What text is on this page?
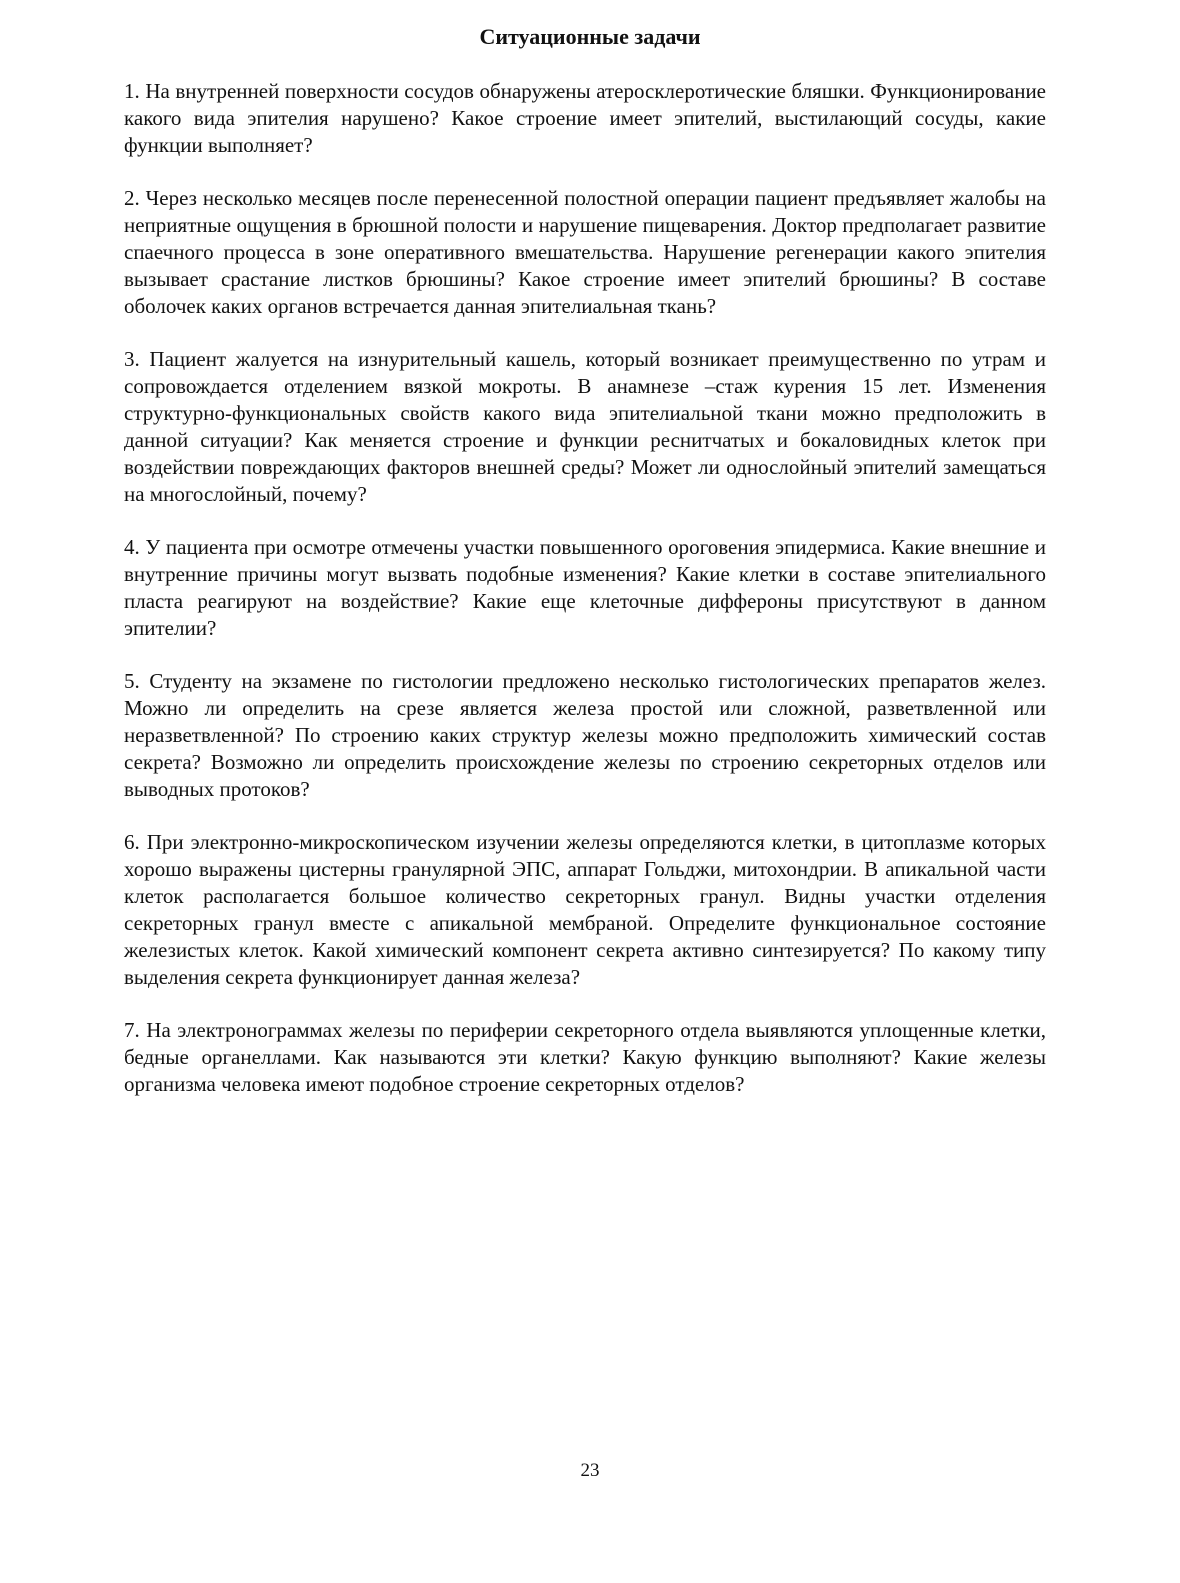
Ситуационные задачи

1. На внутренней поверхности сосудов обнаружены атеросклеротические бляшки. Функционирование какого вида эпителия нарушено? Какое строение имеет эпителий, выстилающий сосуды, какие функции выполняет?

2. Через несколько месяцев после перенесенной полостной операции пациент предъявляет жалобы на неприятные ощущения в брюшной полости и нарушение пищеварения. Доктор предполагает развитие спаечного процесса в зоне оперативного вмешательства. Нарушение регенерации какого эпителия вызывает срастание листков брюшины? Какое строение имеет эпителий брюшины? В составе оболочек каких органов встречается данная эпителиальная ткань?

3. Пациент жалуется на изнурительный кашель, который возникает преимущественно по утрам и сопровождается отделением вязкой мокроты. В анамнезе –стаж курения 15 лет. Изменения структурно-функциональных свойств какого вида эпителиальной ткани можно предположить в данной ситуации? Как меняется строение и функции реснитчатых и бокаловидных клеток при воздействии повреждающих факторов внешней среды? Может ли однослойный эпителий замещаться на многослойный, почему?

4. У пациента при осмотре отмечены участки повышенного ороговения эпидермиса. Какие внешние и внутренние причины могут вызвать подобные изменения? Какие клетки в составе эпителиального пласта реагируют на воздействие? Какие еще клеточные диффероны присутствуют в данном эпителии?

5. Студенту на экзамене по гистологии предложено несколько гистологических препаратов желез. Можно ли определить на срезе является железа простой или сложной, разветвленной или неразветвленной? По строению каких структур железы можно предположить химический состав секрета? Возможно ли определить происхождение железы по строению секреторных отделов или выводных протоков?

6. При электронно-микроскопическом изучении железы определяются клетки, в цитоплазме которых хорошо выражены цистерны гранулярной ЭПС, аппарат Гольджи, митохондрии. В апикальной части клеток располагается большое количество секреторных гранул. Видны участки отделения секреторных гранул вместе с апикальной мембраной. Определите функциональное состояние железистых клеток. Какой химический компонент секрета активно синтезируется? По какому типу выделения секрета функционирует данная железа?

7. На электронограммах железы по периферии секреторного отдела выявляются уплощенные клетки, бедные органеллами. Как называются эти клетки? Какую функцию выполняют? Какие железы организма человека имеют подобное строение секреторных отделов?

23
